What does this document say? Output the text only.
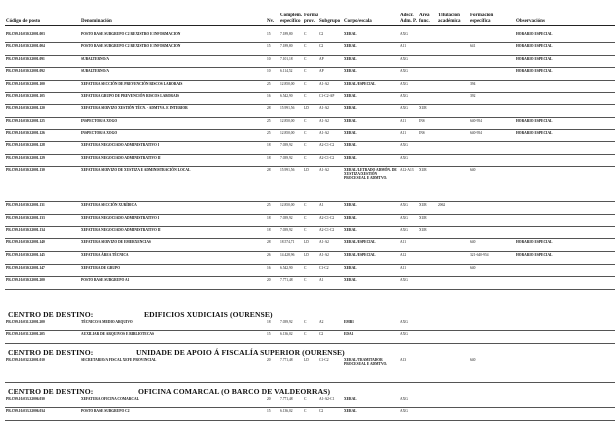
Código de posto	Denominación	Nv.	Complem. específico	Forma prov.	Subgrupo	Corpo/escala	Adscr. Adm. P.	Área func.	Titulación académica	Formación específica	Observacións
PR.C99.10.030.32001.003	POSTO BASE SUBGRUPO C2 REXISTRO E INFORMACION	15	7.189,80	C	C2	XERAL	AXG				HORARIO ESPECIAL
PR.C99.10.030.32001.004	POSTO BASE SUBGRUPO C2 REXISTRO E INFORMACION	15	7.189,80	C	C2	XERAL	A11			641	HORARIO ESPECIAL
PR.C99.10.030.32001.091	SUBALTERNO/A	10	7.101,18	C	AP	XERAL	AXG				HORARIO ESPECIAL
PR.C99.10.030.32001.092	SUBALTERNO/A	10	6.114,52	C	AP	XERAL	AXG				HORARIO ESPECIAL
PR.C99.10.030.32001.100	XEFATURA SECCIÓN DE PREVENCIÓN RISCOS LABORAIS	25	12.850,00	C	A1-A2	XERAL/ESPECIAL	AXG			394	
PR.C99.10.030.32001.105	XEFATURA GRUPO DE PREVENCIÓN RISCOS LABORAIS	16	6.542,90	C	C1-C2-AP	XERAL	AXG			392	
PR.C99.10.030.32001.120	XEFATURA SERVIZO XESTIÓN TÉCN. - ADMTVA. E INTERIOR	28	15.991,56	LD	A1-A2	XERAL	AXG	XUR			
PR.C99.10.030.32001.125	INSPECTOR/A XOGO	25	12.850,00	C	A1-A2	XERAL	A11	INS		640-954	HORARIO ESPECIAL
PR.C99.10.030.32001.126	INSPECTOR/A XOGO	25	12.850,00	C	A1-A2	XERAL	A11	INS		640-954	HORARIO ESPECIAL
PR.C99.10.030.32001.128	XEFATURA NEGOCIADO ADMINISTRATIVO I	18	7.039,92	C	A2-C1-C2	XERAL	AXG				
PR.C99.10.030.32001.129	XEFATURA NEGOCIADO ADMINISTRATIVO II	18	7.039,92	C	A2-C1-C2	XERAL	AXG				
PR.C99.10.030.32001.130	XEFATURA SERVIZO DE XUSTIZA E ADMINISTRACIÓN LOCAL	28	15.991,56	LD	A1-A2	XERAL/LETRADO ADMÓN. DE XUSTIZA/XESTIÓN PROCESUAL E ADMTVO.	A12-A13	XUR		640	
PR.C99.10.030.32001.131	XEFATURA SECCIÓN XURÍDICA	25	12.850,00	C	A1	XERAL	AXG	XUR	2062		
PR.C99.10.030.32001.133	XEFATURA NEGOCIADO ADMINISTRATIVO I	18	7.039,92	C	A2-C1-C2	XERAL	AXG	XUR			
PR.C99.10.030.32001.134	XEFATURA NEGOCIADO ADMINISTRATIVO II	18	7.039,92	C	A2-C1-C2	XERAL	AXG	XUR			
PR.C99.10.030.32001.140	XEFATURA SERVIZO DE EMERXENCIAS	28	18.574,71	LD	A1-A2	XERAL/ESPECIAL	A11			640	HORARIO ESPECIAL
PR.C99.10.030.32001.145	XEFATURA ÁREA TÉCNICA	26	14.428,96	LD	A1-A2	XERAL/ESPECIAL	A12			321-640-954	HORARIO ESPECIAL
PR.C99.10.030.32001.147	XEFATURA DE GRUPO	16	6.542,90	C	C1-C2	XERAL	A11			640	
PR.C99.10.030.32001.200	POSTO BASE SUBGRUPO A1	20	7.771,48	C	A1	XERAL	AXG				
CENTRO DE DESTINO:	EDIFICIOS XUDICIAIS (OURENSE)
PR.C99.10.031.32001.200	TÉCNICO/A MEDIO ARQUIVO	18	7.039,92	C	A2	EMB1	AXG				
PR.C99.10.031.32001.205	AUXILIAR DE ARQUIVOS E BIBLIOTECAS	15	6.136,02	C	C2	EDA1	AXG				
CENTRO DE DESTINO:	UNIDADE DE APOIO Á FISCALÍA SUPERIOR (OURENSE)
PR.C99.10.032.32001.010	SECRETARIO/A FISCAL XEFE PROVINCIAL	20	7.771,48	LD	C1-C2	XERAL/TRAMITADOR PROCESUAL E ADMTVO.	A13			640	
CENTRO DE DESTINO:	OFICINA COMARCAL (O BARCO DE VALDEORRAS)
PR.C99.10.033.32006.030	XEFATURA OFICINA COMARCAL	20	7.771,48	C	A1-A2-C1	XERAL	AXG				
PR.C99.10.033.32006.034	POSTO BASE SUBGRUPO C2	15	6.136,02	C	C2	XERAL	AXG				
